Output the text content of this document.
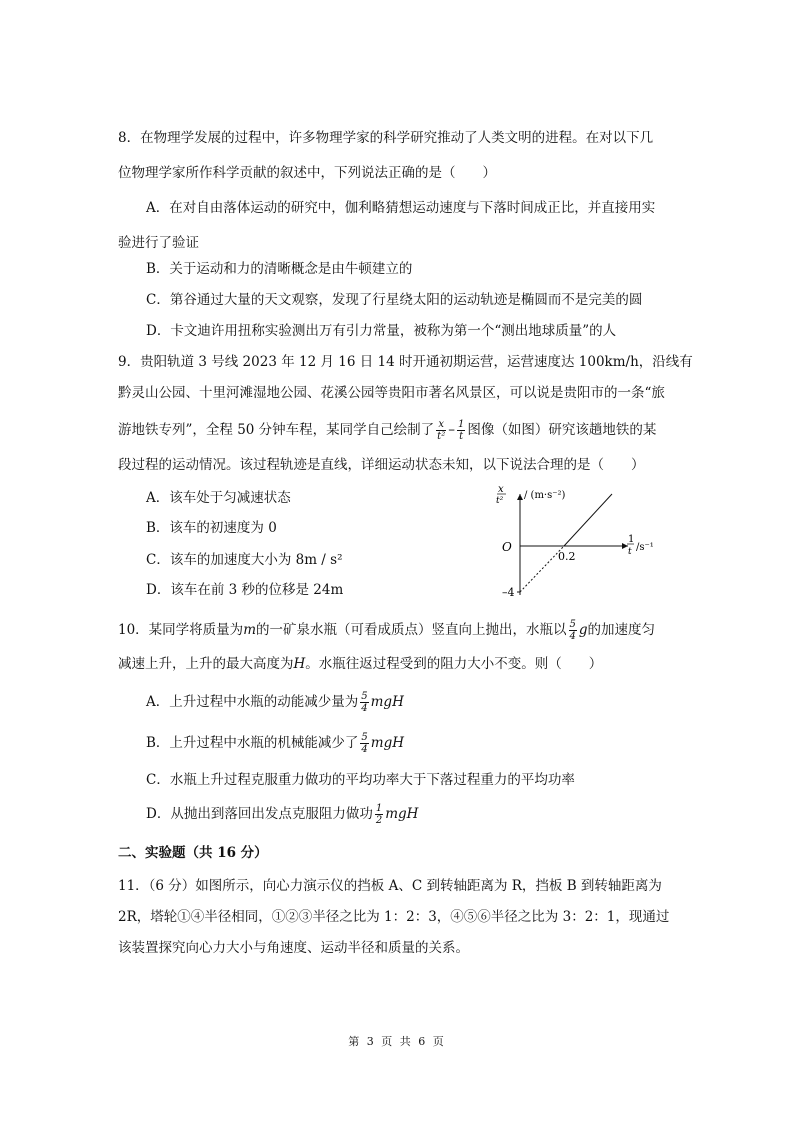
8．在物理学发展的过程中，许多物理学家的科学研究推动了人类文明的进程。在对以下几
位物理学家所作科学贡献的叙述中，下列说法正确的是（　　）
A．在对自由落体运动的研究中，伽利略猜想运动速度与下落时间成正比，并直接用实
验进行了验证
B．关于运动和力的清晰概念是由牛顿建立的
C．第谷通过大量的天文观察，发现了行星绕太阳的运动轨迹是椭圆而不是完美的圆
D．卡文迪许用扭称实验测出万有引力常量，被称为第一个“测出地球质量”的人
9．贵阳轨道 3 号线 2023 年 12 月 16 日 14 时开通初期运营，运营速度达 100km/h，沿线有
黔灵山公园、十里河滩湿地公园、花溪公园等贵阳市著名风景区，可以说是贵阳市的一条“旅
游地铁专列”，全程 50 分钟车程，某同学自己绘制了 $\frac{x}{\text{t²}} - \frac{1}{t}$ 图像（如图）研究该趟地铁的某
段过程的运动情况。该过程轨迹是直线，详细运动状态未知，以下说法合理的是（　　）
A．该车处于匀减速状态
B．该车的初速度为 0
C．该车的加速度大小为 8m / s²
D．该车在前 3 秒的位移是 24m
x
t² / (m·s⁻²)
1
t /s⁻¹
O
0.2
–4
10．某同学将质量为m的一矿泉水瓶（可看成质点）竖直向上抛出，水瓶以 $\frac{5}{4}$ g的加速度匀
减速上升，上升的最大高度为H。水瓶往返过程受到的阻力大小不变。则（　　）
A．上升过程中水瓶的动能减少量为 $\frac{5}{4}$ mgH
B．上升过程中水瓶的机械能减少了 $\frac{5}{4}$ mgH
C．水瓶上升过程克服重力做功的平均功率大于下落过程重力的平均功率
D．从抛出到落回出发点克服阻力做功 $\frac{1}{2}$ mgH
二、实验题（共 16 分）
11．（6 分）如图所示，向心力演示仪的挡板 A、C 到转轴距离为 R，挡板 B 到转轴距离为
2R，塔轮①④半径相同，①②③半径之比为 1：2：3，④⑤⑥半径之比为 3：2：1，现通过
该装置探究向心力大小与角速度、运动半径和质量的关系。
第 3 页 共 6 页
